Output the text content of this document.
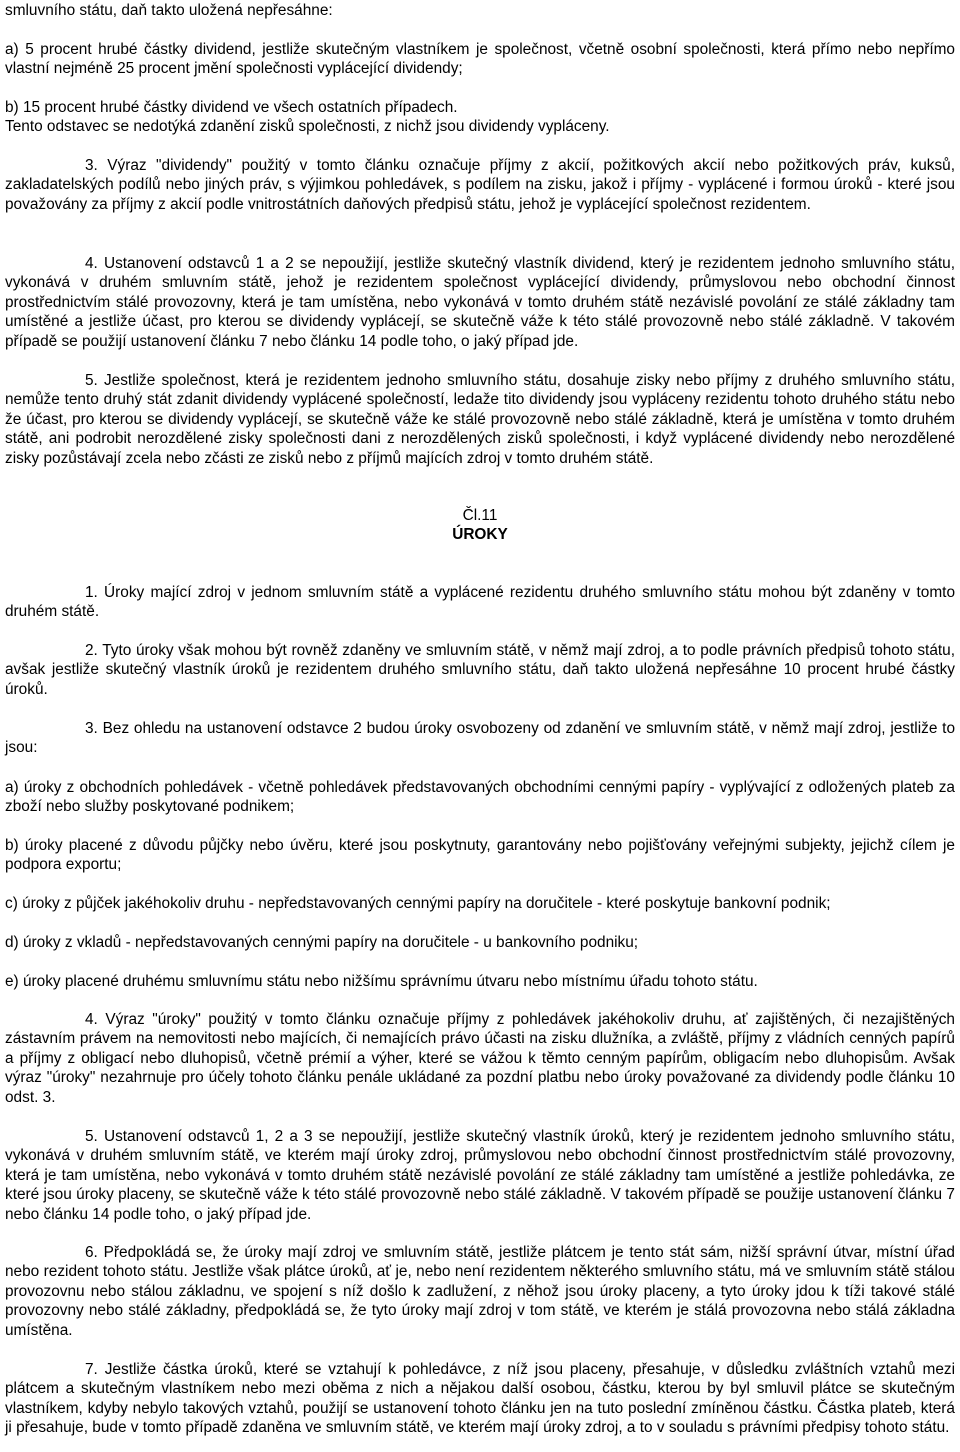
smluvního státu, daň takto uložená nepřesáhne:

a) 5 procent hrubé částky dividend, jestliže skutečným vlastníkem je společnost, včetně osobní společnosti, která přímo nebo nepřímo vlastní nejméně 25 procent jmění společnosti vyplácející dividendy;

b) 15 procent hrubé částky dividend ve všech ostatních případech.

Tento odstavec se nedotýká zdanění zisků společnosti, z nichž jsou dividendy vypláceny.

3. Výraz "dividendy" použitý v tomto článku označuje příjmy z akcií, požitkových akcií nebo požitkových práv, kuksů, zakladatelských podílů nebo jiných práv, s výjimkou pohledávek, s podílem na zisku, jakož i příjmy - vyplácené i formou úroků - které jsou považovány za příjmy z akcií podle vnitrostátních daňových předpisů státu, jehož je vyplácející společnost rezidentem.

4. Ustanovení odstavců 1 a 2 se nepoužijí, jestliže skutečný vlastník dividend, který je rezidentem jednoho smluvního státu, vykonává v druhém smluvním státě, jehož je rezidentem společnost vyplácející dividendy, průmyslovou nebo obchodní činnost prostřednictvím stálé provozovny, která je tam umístěna, nebo vykonává v tomto druhém státě nezávislé povolání ze stálé základny tam umístěné a jestliže účast, pro kterou se dividendy vyplácejí, se skutečně váže k této stálé provozovně nebo stálé základně. V takovém případě se použijí ustanovení článku 7 nebo článku 14 podle toho, o jaký případ jde.

5. Jestliže společnost, která je rezidentem jednoho smluvního státu, dosahuje zisky nebo příjmy z druhého smluvního státu, nemůže tento druhý stát zdanit dividendy vyplácené společností, ledaže tito dividendy jsou vypláceny rezidentu tohoto druhého státu nebo že účast, pro kterou se dividendy vyplácejí, se skutečně váže ke stálé provozovně nebo stálé základně, která je umístěna v tomto druhém státě, ani podrobit nerozdělené zisky společnosti dani z nerozdělených zisků společnosti, i když vyplácené dividendy nebo nerozdělené zisky pozůstávají zcela nebo zčásti ze zisků nebo z příjmů majících zdroj v tomto druhém státě.

Čl.11

ÚROKY

1. Úroky mající zdroj v jednom smluvním státě a vyplácené rezidentu druhého smluvního státu mohou být zdaněny v tomto druhém státě.

2. Tyto úroky však mohou být rovněž zdaněny ve smluvním státě, v němž mají zdroj, a to podle právních předpisů tohoto státu, avšak jestliže skutečný vlastník úroků je rezidentem druhého smluvního státu, daň takto uložená nepřesáhne 10 procent hrubé částky úroků.

3. Bez ohledu na ustanovení odstavce 2 budou úroky osvobozeny od zdanění ve smluvním státě, v němž mají zdroj, jestliže to jsou:

a) úroky z obchodních pohledávek - včetně pohledávek představovaných obchodními cennými papíry - vyplývající z odložených plateb za zboží nebo služby poskytované podnikem;

b) úroky placené z důvodu půjčky nebo úvěru, které jsou poskytnuty, garantovány nebo pojišťovány veřejnými subjekty, jejichž cílem je podpora exportu;

c) úroky z půjček jakéhokoliv druhu - nepředstavovaných cennými papíry na doručitele - které poskytuje bankovní podnik;

d) úroky z vkladů - nepředstavovaných cennými papíry na doručitele - u bankovního podniku;

e) úroky placené druhému smluvnímu státu nebo nižšímu správnímu útvaru nebo místnímu úřadu tohoto státu.

4. Výraz "úroky" použitý v tomto článku označuje příjmy z pohledávek jakéhokoliv druhu, ať zajištěných, či nezajištěných zástavním právem na nemovitosti nebo majících, či nemajících právo účasti na zisku dlužníka, a zvláště, příjmy z vládních cenných papírů a příjmy z obligací nebo dluhopisů, včetně prémií a výher, které se vážou k těmto cenným papírům, obligacím nebo dluhopisům. Avšak výraz "úroky" nezahrnuje pro účely tohoto článku penále ukládané za pozdní platbu nebo úroky považované za dividendy podle článku 10 odst. 3.

5. Ustanovení odstavců 1, 2 a 3 se nepoužijí, jestliže skutečný vlastník úroků, který je rezidentem jednoho smluvního státu, vykonává v druhém smluvním státě, ve kterém mají úroky zdroj, průmyslovou nebo obchodní činnost prostřednictvím stálé provozovny, která je tam umístěna, nebo vykonává v tomto druhém státě nezávislé povolání ze stálé základny tam umístěné a jestliže pohledávka, ze které jsou úroky placeny, se skutečně váže k této stálé provozovně nebo stálé základně. V takovém případě se použije ustanovení článku 7 nebo článku 14 podle toho, o jaký případ jde.

6. Předpokládá se, že úroky mají zdroj ve smluvním státě, jestliže plátcem je tento stát sám, nižší správní útvar, místní úřad nebo rezident tohoto státu. Jestliže však plátce úroků, ať je, nebo není rezidentem některého smluvního státu, má ve smluvním státě stálou provozovnu nebo stálou základnu, ve spojení s níž došlo k zadlužení, z něhož jsou úroky placeny, a tyto úroky jdou k tíži takové stálé provozovny nebo stálé základny, předpokládá se, že tyto úroky mají zdroj v tom státě, ve kterém je stálá provozovna nebo stálá základna umístěna.

7. Jestliže částka úroků, které se vztahují k pohledávce, z níž jsou placeny, přesahuje, v důsledku zvláštních vztahů mezi plátcem a skutečným vlastníkem nebo mezi oběma z nich a nějakou další osobou, částku, kterou by byl smluvil plátce se skutečným vlastníkem, kdyby nebylo takových vztahů, použijí se ustanovení tohoto článku jen na tuto poslední zmíněnou částku. Částka plateb, která ji přesahuje, bude v tomto případě zdaněna ve smluvním státě, ve kterém mají úroky zdroj, a to v souladu s právními předpisy tohoto státu.
